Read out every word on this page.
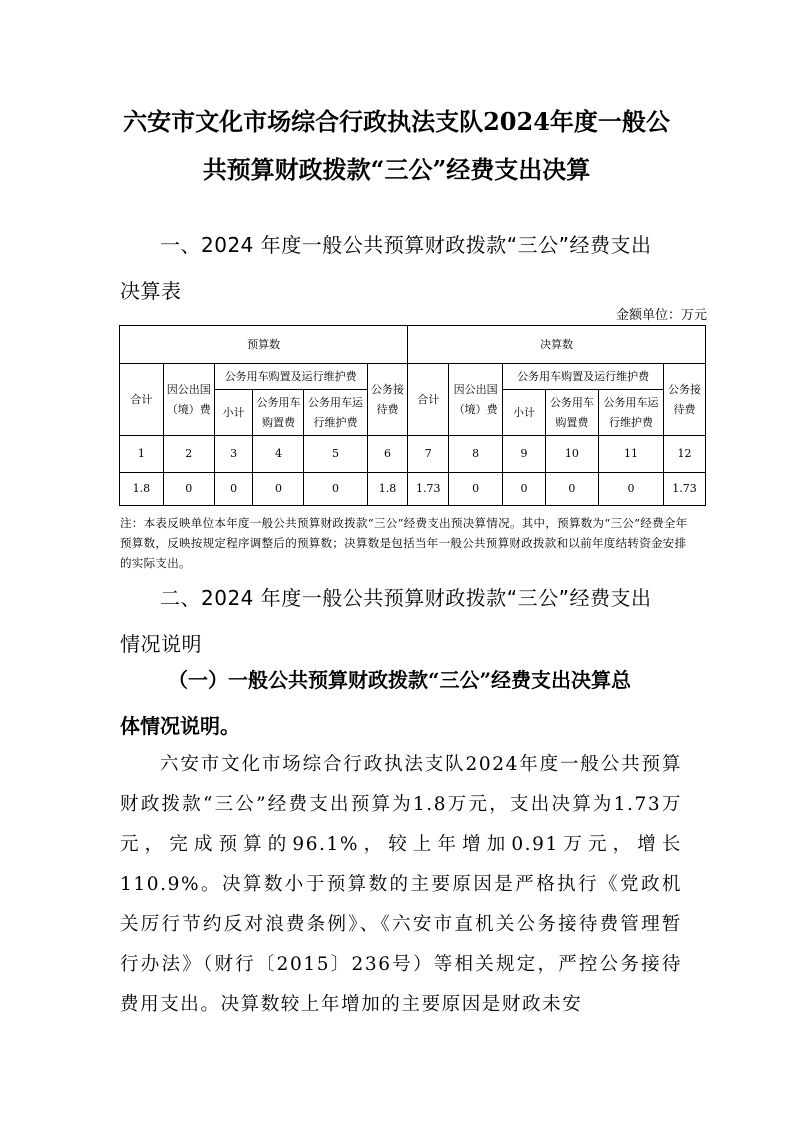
六安市文化市场综合行政执法支队2024年度一般公
共预算财政拨款“三公”经费支出决算
一、2024 年度一般公共预算财政拨款“三公”经费支出
决算表
金额单位：万元
预算数						决算数					
合计	因公出国（境）费	公务用车购置及运行维护费			公务接待费	合计	因公出国（境）费	公务用车购置及运行维护费			公务接待费
		小计	公务用车购置费	公务用车运行维护费				小计	公务用车购置费	公务用车运行维护费	
1	2	3	4	5	6	7	8	9	10	11	12
1.8	0	0	0	0	1.8	1.73	0	0	0	0	1.73
注：本表反映单位本年度一般公共预算财政拨款“三公”经费支出预决算情况。其中，预算数为“三公”经费全年预算数，反映按规定程序调整后的预算数；决算数是包括当年一般公共预算财政拨款和以前年度结转资金安排的实际支出。
二、2024 年度一般公共预算财政拨款“三公”经费支出
情况说明
（一）一般公共预算财政拨款“三公”经费支出决算总
体情况说明。
六安市文化市场综合行政执法支队2024年度一般公共预算财政拨款“三公”经费支出预算为1.8万元，支出决算为1.73万元，完成预算的96.1%，较上年增加0.91万元，增长110.9%。决算数小于预算数的主要原因是严格执行《党政机关厉行节约反对浪费条例》、《六安市直机关公务接待费管理暂行办法》（财行〔2015〕236号）等相关规定，严控公务接待费用支出。决算数较上年增加的主要原因是财政未安
